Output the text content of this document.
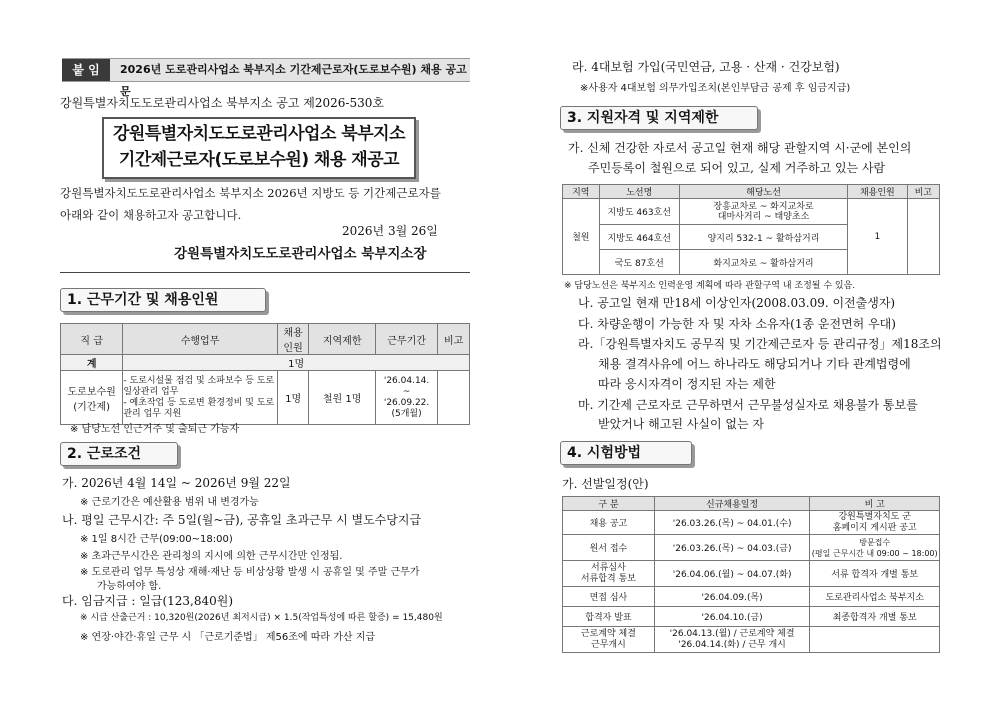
붙 임	2026년 도로관리사업소 북부지소 기간제근로자(도로보수원) 채용 공고문
강원특별자치도도로관리사업소 북부지소 공고 제2026-530호
강원특별자치도도로관리사업소 북부지소
기간제근로자(도로보수원) 채용 재공고
강원특별자치도도로관리사업소 북부지소 2026년 지방도 등 기간제근로자를
아래와 같이 채용하고자 공고합니다.
2026년 3월 26일
강원특별자치도도로관리사업소 북부지소장
1. 근무기간 및 채용인원
직 급	수행업무	채용
인원	지역제한	근무기간	비고
계	1명				
도로보수원
(기간제)	- 도로시설물 점검 및 소파보수 등 도로
일상관리 업무
- 예초작업 등 도로변 환경정비 및 도로
관리 업무 지원	1명	철원 1명	'26.04.14.
~
'26.09.22.
(5개월)	
※ 담당노선 인근거주 및 출퇴근 가능자
2. 근로조건
가. 2026년 4월 14일 ~ 2026년 9월 22일
※ 근로기간은 예산활용 범위 내 변경가능
나. 평일 근무시간: 주 5일(월~금), 공휴일 초과근무 시 별도수당지급
※ 1일 8시간 근무(09:00~18:00)
※ 초과근무시간은 관리청의 지시에 의한 근무시간만 인정됨.
※ 도로관리 업무 특성상 재해·재난 등 비상상황 발생 시 공휴일 및 주말 근무가
가능하여야 함.
다. 임금지급 : 일급(123,840원)
※ 시급 산출근거 : 10,320원(2026년 최저시급) × 1.5(작업특성에 따른 할증) = 15,480원
※ 연장·야간·휴일 근무 시 「근로기준법」 제56조에 따라 가산 지급
라. 4대보험 가입(국민연금, 고용 · 산재 · 건강보험)
※사용자 4대보험 의무가입조치(본인부담금 공제 후 임금지급)
3. 지원자격 및 지역제한
가. 신체 건강한 자로서 공고일 현재 해당 관할지역 시·군에 본인의
주민등록이 철원으로 되어 있고, 실제 거주하고 있는 사람
지역	노선명	해당노선	채용인원	비고
철원	지방도 463호선	장흥교차로 ~ 화지교차로
대마사거리 ~ 태양초소	1	
	지방도 464호선	양지리 532-1 ~ 활하삼거리		
	국도 87호선	화지교차로 ~ 활하삼거리		
※ 담당노선은 북부지소 인력운영 계획에 따라 관할구역 내 조정될 수 있음.
나. 공고일 현재 만18세 이상인자(2008.03.09. 이전출생자)
다. 차량운행이 가능한 자 및 자차 소유자(1종 운전면허 우대)
라.「강원특별자치도 공무직 및 기간제근로자 등 관리규정」제18조의
채용 결격사유에 어느 하나라도 해당되거나 기타 관계법령에
따라 응시자격이 정지된 자는 제한
마. 기간제 근로자로 근무하면서 근무불성실자로 채용불가 통보를
받았거나 해고된 사실이 없는 자
4. 시험방법
가. 선발일정(안)
구 분	신규채용일정	비 고
채용 공고	'26.03.26.(목) ~ 04.01.(수)	강원특별자치도 군
홈페이지 게시판 공고
원서 접수	'26.03.26.(목) ~ 04.03.(금)	방문접수
(평일 근무시간 내 09:00 ~ 18:00)
서류심사
서류합격 통보	'26.04.06.(월) ~ 04.07.(화)	서류 합격자 개별 통보
면접 심사	'26.04.09.(목)	도로관리사업소 북부지소
합격자 발표	'26.04.10.(금)	최종합격자 개별 통보
근로계약 체결
근무개시	'26.04.13.(월) / 근로계약 체결
'26.04.14.(화) / 근무 개시	
